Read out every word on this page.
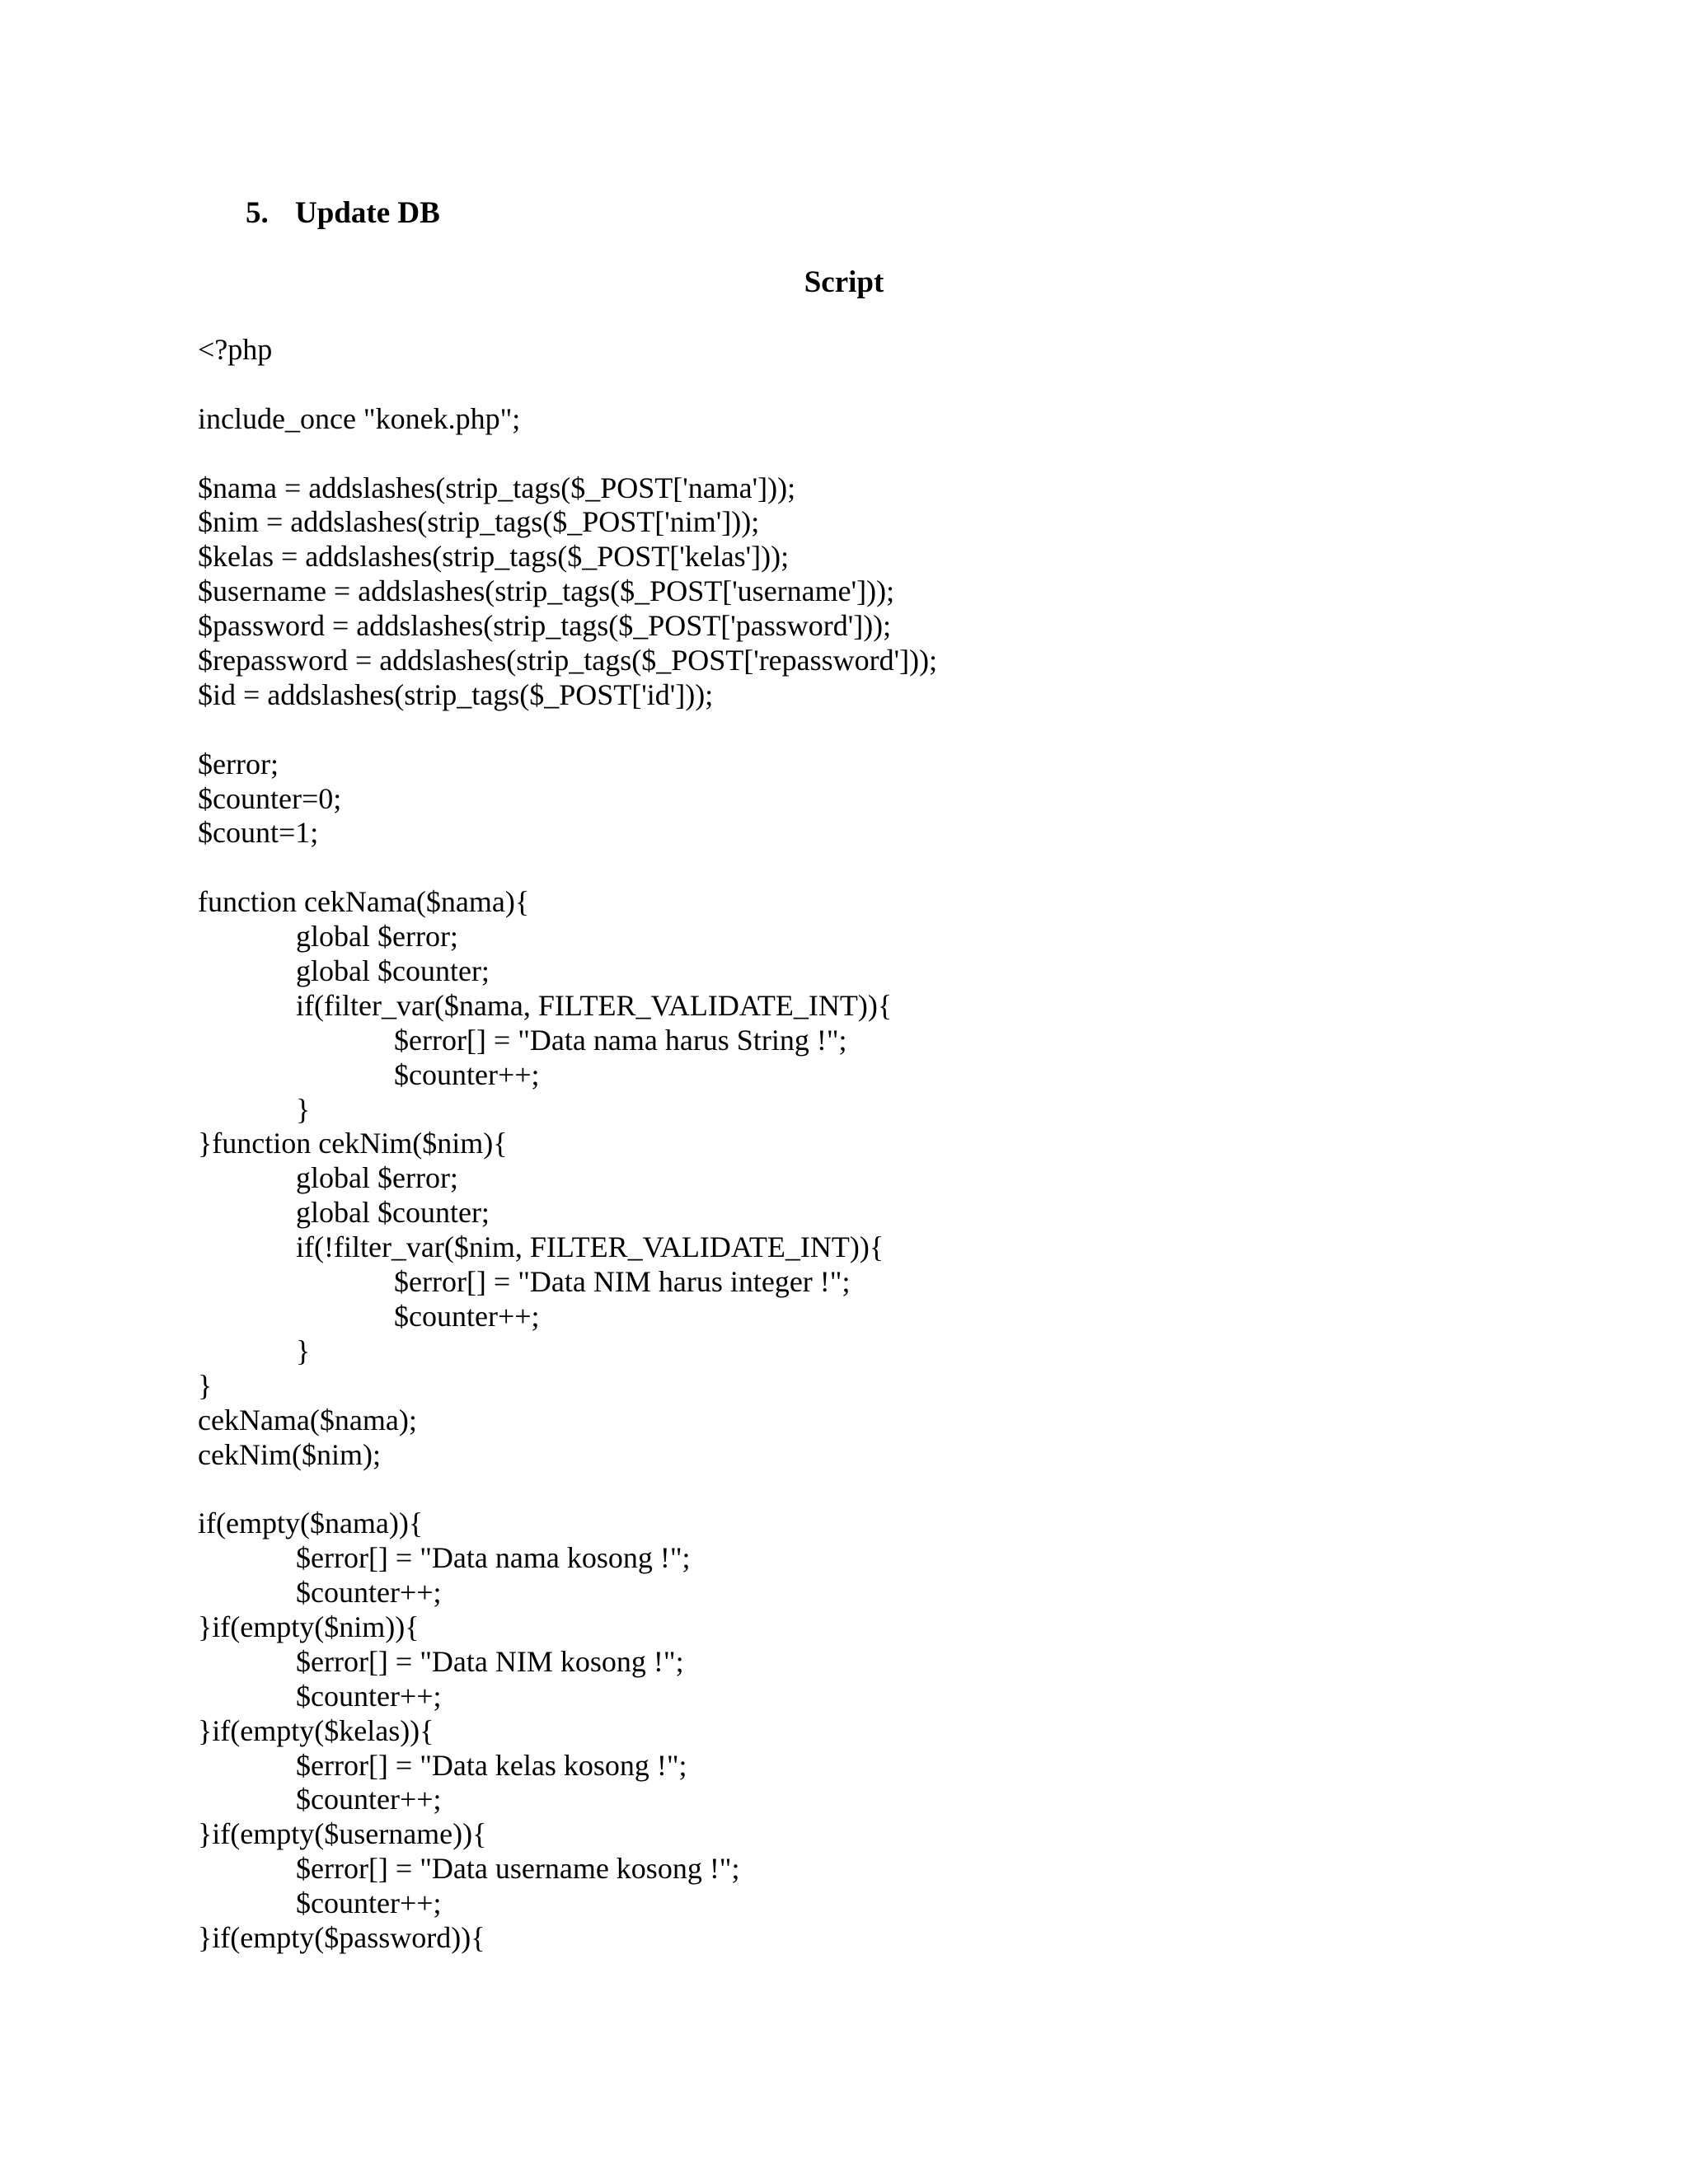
5. Update DB
Script
<?php
include_once "konek.php";
$nama = addslashes(strip_tags($_POST['nama']));
$nim = addslashes(strip_tags($_POST['nim']));
$kelas = addslashes(strip_tags($_POST['kelas']));
$username = addslashes(strip_tags($_POST['username']));
$password = addslashes(strip_tags($_POST['password']));
$repassword = addslashes(strip_tags($_POST['repassword']));
$id = addslashes(strip_tags($_POST['id']));
$error;
$counter=0;
$count=1;
function cekNama($nama){
global $error;
global $counter;
if(filter_var($nama, FILTER_VALIDATE_INT)){
$error[] = "Data nama harus String !";
$counter++;
}
}function cekNim($nim){
global $error;
global $counter;
if(!filter_var($nim, FILTER_VALIDATE_INT)){
$error[] = "Data NIM harus integer !";
$counter++;
}
}
cekNama($nama);
cekNim($nim);
if(empty($nama)){
$error[] = "Data nama kosong !";
$counter++;
}if(empty($nim)){
$error[] = "Data NIM kosong !";
$counter++;
}if(empty($kelas)){
$error[] = "Data kelas kosong !";
$counter++;
}if(empty($username)){
$error[] = "Data username kosong !";
$counter++;
}if(empty($password)){
